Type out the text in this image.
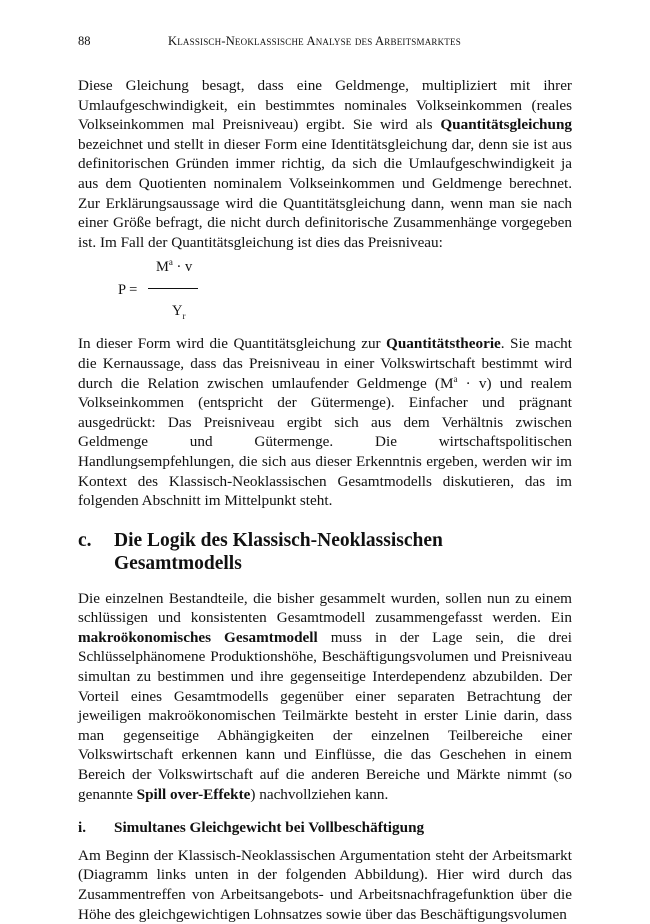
88	Klassisch-Neoklassische Analyse des Arbeitsmarktes

Diese Gleichung besagt, dass eine Geldmenge, multipliziert mit ihrer Umlaufgeschwindigkeit, ein bestimmtes nominales Volkseinkommen (reales Volkseinkommen mal Preisniveau) ergibt. Sie wird als Quantitätsgleichung bezeichnet und stellt in dieser Form eine Identitätsgleichung dar, denn sie ist aus definitorischen Gründen immer richtig, da sich die Umlaufgeschwindigkeit ja aus dem Quotienten nominalem Volkseinkommen und Geldmenge berechnet. Zur Erklärungsaussage wird die Quantitätsgleichung dann, wenn man sie nach einer Größe befragt, die nicht durch definitorische Zusammenhänge vorgegeben ist. Im Fall der Quantitätsgleichung ist dies das Preisniveau:

P =
$M^a \cdot v$
$Y_r$

In dieser Form wird die Quantitätsgleichung zur Quantitätstheorie. Sie macht die Kernaussage, dass das Preisniveau in einer Volkswirtschaft bestimmt wird durch die Relation zwischen umlaufender Geldmenge $(M^a \cdot v)$ und realem Volkseinkommen (entspricht der Gütermenge). Einfacher und prägnant ausgedrückt: Das Preisniveau ergibt sich aus dem Verhältnis zwischen Geldmenge und Gütermenge. Die wirtschaftspolitischen Handlungsempfehlungen, die sich aus dieser Erkenntnis ergeben, werden wir im Kontext des Klassisch-Neoklassischen Gesamtmodells diskutieren, das im folgenden Abschnitt im Mittelpunkt steht.

c.	Die Logik des Klassisch-Neoklassischen Gesamtmodells

Die einzelnen Bestandteile, die bisher gesammelt wurden, sollen nun zu einem schlüssigen und konsistenten Gesamtmodell zusammengefasst werden. Ein makroökonomisches Gesamtmodell muss in der Lage sein, die drei Schlüsselphänomene Produktionshöhe, Beschäftigungsvolumen und Preisniveau simultan zu bestimmen und ihre gegenseitige Interdependenz abzubilden. Der Vorteil eines Gesamtmodells gegenüber einer separaten Betrachtung der jeweiligen makroökonomischen Teilmärkte besteht in erster Linie darin, dass man gegenseitige Abhängigkeiten der einzelnen Teilbereiche einer Volkswirtschaft erkennen kann und Einflüsse, die das Geschehen in einem Bereich der Volkswirtschaft auf die anderen Bereiche und Märkte nimmt (so genannte Spill over-Effekte) nachvollziehen kann.

i.	Simultanes Gleichgewicht bei Vollbeschäftigung

Am Beginn der Klassisch-Neoklassischen Argumentation steht der Arbeitsmarkt (Diagramm links unten in der folgenden Abbildung). Hier wird durch das Zusammentreffen von Arbeitsangebots- und Arbeitsnachfragefunktion über die Höhe des gleichgewichtigen Lohnsatzes sowie über das Beschäftigungsvolumen
